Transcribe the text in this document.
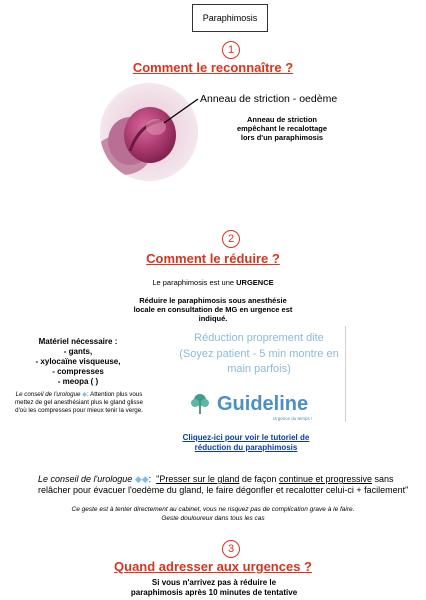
Paraphimosis
1
Comment le reconnaître ?
Anneau de striction - oedème
Anneau de striction empêchant le recalottage lors d'un paraphimosis
2
Comment le réduire ?
Le paraphimosis est une URGENCE
Réduire le paraphimosis sous anesthésie locale en consultation de MG en urgence est indiqué.
Matériel nécessaire :
- gants,
- xylocaïne visqueuse,
- compresses
- meopa ( )
Le conseil de l'urologue ◆: Attention plus vous mettez de gel anesthésiant plus le gland glisse d'où les compresses pour mieux tenir la verge.
Réduction proprement dite
(Soyez patient - 5 min montre en main parfois)
Guideline
Urgence du temps !
Cliquez-ici pour voir le tutoriel de réduction du paraphimosis
Le conseil de l'urologue ◆◆:  "Presser sur le gland de façon continue et progressive sans relâcher pour évacuer l'oedème du gland, le faire dégonfler et recalotter celui-ci + facilement"
Ce geste est à tenter directement au cabinet, vous ne risquez pas de complication grave à le faire.
Geste douloureux dans tous les cas
3
Quand adresser aux urgences ?
Si vous n'arrivez pas à réduire le paraphimosis après 10 minutes de tentative
